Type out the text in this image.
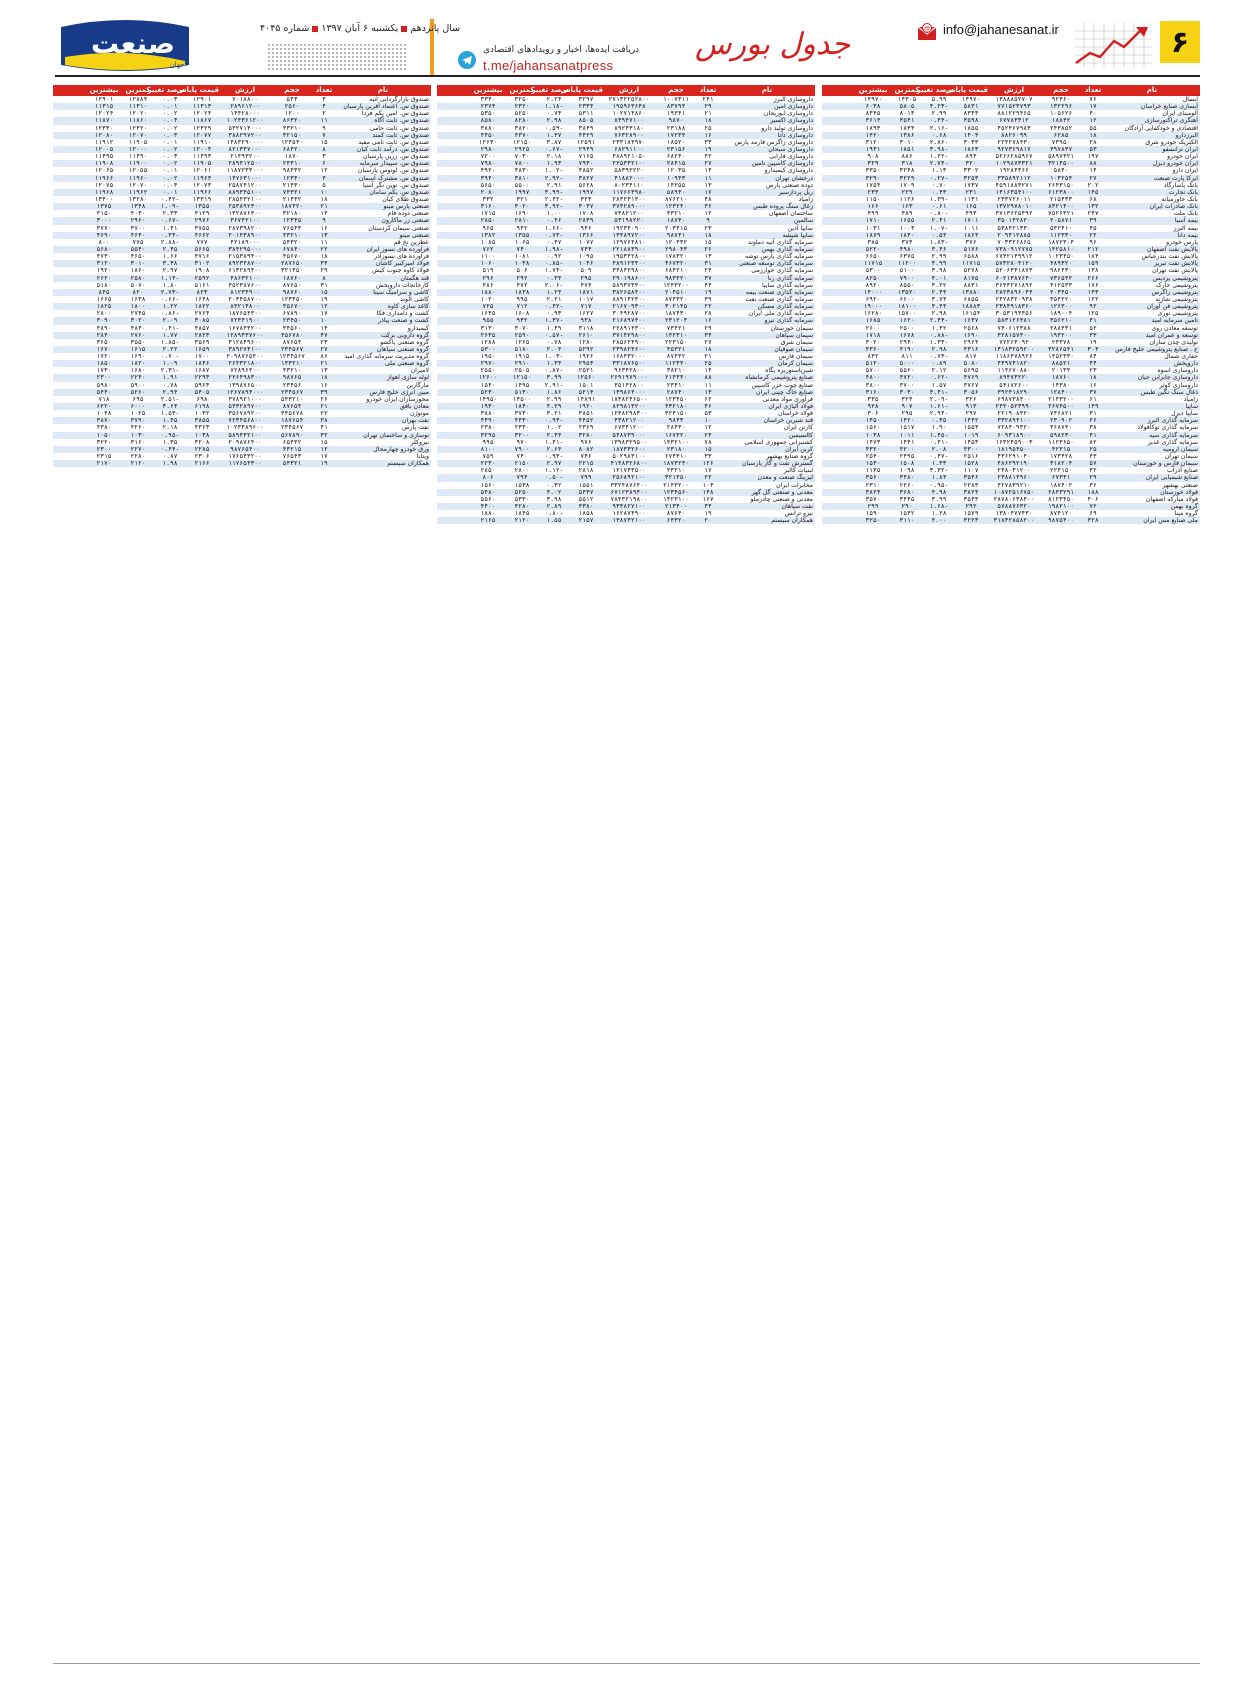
۶
@ info@jahanesanat.ir
جدول بورس
دریافت ایده‌ها، اخبار و رویدادهای اقتصادی
t.me/jahansanatpress
سال پانزدهمیکشنبه ۶ آبان ۱۳۹۷شماره ۴۰۴۵
صنعت
جهان
نام
تعداد
حجم
ارزش
قیمت پایانی
درصد تغییر
کمترین
بیشترین
آبسال
۷۶
۹۲۴۶۰
۱۳۸۸۸۵۲۷۰۷
۱۴۹۷۰
۵.۹۹
۱۴۳۰۵
۱۴۹۷۰
آبسازی صنایع خراسان
۱۷
۱۳۲۲۹۶
۷۷۱۵۲۳۷۹۳
۵۸۳۱
-۴.۲۳
۵۸۰۵
۶۰۳۸
آلومینای ایران
۴۰
۱۰۵۶۲۶
۸۸۱۲۲۹۴۶۵
۸۳۴۳
۲.۹۹
۸۰۱۳
۸۴۴۵
آهنگری تراکتورسازی
۱۲
۱۸۸۴۲
۶۷۷۸۳۳۱۲
۳۵۹۸
-۰.۴۴
۳۵۴۱
۳۶۱۴
اقتصادی و خودکفایی آزادگان
۵۵
۲۴۳۸۵۲
۴۵۲۴۶۷۹۸۳
۱۸۵۵
-۲.۱۶
۱۸۳۴
۱۸۹۳
البرزدارو
۱۸
۶۲۸۵
۸۸۲۶۰۹۹
۱۴۰۴
۰.۶۸
۱۳۸۶
۱۴۲۰
الکتریک خودرو شرق
۲۸
۷۳۹۵۰
۲۲۴۲۷۸۴۳۰
۳۰۳۳
-۲.۸۶
۳۰۱۰
۳۱۲۰
ایران ترانسفو
۵۳
۴۹۷۸۳۷
۹۲۷۳۶۹۸۱۷
۱۸۶۳
-۳.۹۸
۱۸۵۱
۱۹۳۱
ایران خودرو
۱۹۷
۵۸۹۷۴۲۱
۵۲۶۶۲۸۵۹۶۷
۸۹۳
-۱.۲۲
۸۸۶
۹۰۸
ایران خودرو دیزل
۸۸
۳۲۱۴۵۰۰
۱۰۲۹۸۷۳۳۲۱
۳۲۰
-۲.۷۴
۳۱۸
۳۲۹
ایران دارو
۱۴
۵۸۴۰
۱۹۲۸۴۳۶۶
۳۳۰۲
۱.۱۳
۳۲۴۸
۳۳۵۰
ایرکا پارت صنعت
۲۷
۱۰۳۲۵۴
۳۳۵۸۹۲۱۱۲
۳۲۵۳
-۰.۲۷
۳۲۲۹
۳۲۹۰
بانک پاسارگاد
۲۰۲
۲۶۴۳۱۵۰
۴۵۹۱۸۸۳۲۷۱
۱۷۳۷
۰.۷۰
۱۷۰۹
۱۷۵۴
بانک تجارت
۱۴۵
۶۱۲۳۸۰۰
۱۴۱۶۳۵۴۱۰۰
۲۳۱
۰.۴۳
۲۲۹
۲۳۳
بانک خاورمیانه
۶۸
۲۱۵۴۳۳
۲۴۳۷۲۶۰۱۱
۱۱۳۱
-۱.۳۹
۱۱۲۶
۱۱۵۰
بانک صادرات ایران
۱۳۲
۸۳۲۱۴۰۰
۱۳۷۲۹۷۸۰۱۰
۱۶۵
۰.۶۱
۱۶۳
۱۶۶
بانک ملت
۲۴۷
۷۵۲۶۳۲۱
۳۷۱۳۶۲۵۴۹۲
۴۹۳
-۰.۸۰
۴۸۹
۴۹۹
بیمه آسیا
۳۹
۲۰۵۸۷۱
۳۵۰۱۴۲۸۲۰
۱۷۰۱
۲.۴۱
۱۶۵۵
۱۷۱۰
بیمه البرز
۴۵
۵۳۲۴۱۰
۵۳۸۴۲۱۳۳۰
۱۰۱۱
-۱.۰۷
۱۰۰۴
۱۰۳۱
بیمه دانا
۲۲
۱۱۲۳۳۰
۲۰۹۴۱۲۸۸۵
۱۸۶۴
۰.۵۴
۱۸۴۰
۱۸۷۹
پارس خودرو
۹۶
۱۸۷۲۳۰۴
۷۰۳۳۲۶۸۶۵
۳۷۶
-۱.۸۳
۳۷۴
۳۸۵
پالایش نفت اصفهان
۲۱۲
۱۴۲۵۸۱۰
۷۳۸۰۹۱۲۷۷۵
۵۱۷۶
۳.۴۶
۴۹۸۰
۵۲۲۰
پالایش نفت بندرعباس
۱۸۴
۱۰۲۳۴۵۰
۶۷۴۲۱۴۹۹۱۲
۶۵۸۸
۲.۹۹
۶۳۷۵
۶۶۵۰
پالایش نفت تبریز
۱۵۹
۴۸۹۳۲۰
۵۷۳۲۸۰۴۱۲۰
۱۱۷۱۵
۴.۹۹
۱۱۲۰۰
۱۱۷۱۵
پالایش نفت تهران
۱۳۸
۹۸۶۴۳۰
۵۲۰۶۳۴۱۸۷۳
۵۲۷۸
۳.۹۸
۵۱۰۰
۵۳۰۰
پتروشیمی پردیس
۲۶۶
۷۳۶۵۴۲
۶۰۲۱۳۸۷۶۴۰
۸۱۷۵
۴.۰۱
۷۹۰۰
۸۲۵۰
پتروشیمی خارک
۱۷۶
۴۱۲۵۳۳
۳۶۴۳۲۷۱۸۹۲
۸۸۳۱
۳.۲۲
۸۵۵۰
۸۹۲۰
پتروشیمی زاگرس
۱۴۳
۲۰۳۴۵۰
۲۸۲۳۸۹۶۰۴۴
۱۳۸۸۰
۲.۴۴
۱۳۵۲۰
۱۴۰۰۰
پتروشیمی شازند
۱۲۲
۳۵۴۲۲۰
۲۴۲۸۳۲۰۹۳۸
۶۸۵۵
۳.۷۴
۶۶۰۰
۶۹۲۰
پتروشیمی فن آوران
۹۲
۱۲۶۳۰۰
۲۳۸۴۹۱۸۳۶۰
۱۸۸۸۳
۴.۴۴
۱۸۱۰۰
۱۹۰۰۰
پتروشیمی نوری
۱۲۵
۱۸۹۰۰۴
۳۰۵۳۱۹۴۴۵۶
۱۶۱۵۴
۲.۹۸
۱۵۷۰۰
۱۶۲۸۰
تامین سرمایه امید
۴۱
۳۵۶۲۱۰
۵۸۳۱۲۶۴۸۱
۱۶۳۷
-۲.۴۴
۱۶۲۰
۱۶۸۵
توسعه معادن روی
۵۲
۲۸۸۴۳۱
۷۴۰۶۱۲۳۸۸
۲۵۶۸
۱.۴۲
۲۵۰۰
۲۶۰۰
توسعه و عمران امید
۳۳
۱۹۴۲۰۰
۳۲۸۱۵۷۴۰۰
۱۶۹۰
-۰.۸۸
۱۶۷۸
۱۷۱۸
تولیدی چدن سازان
۱۹
۲۴۳۷۸
۷۲۲۶۳۰۹۲
۲۹۶۴
-۱.۳۳
۲۹۴۰
۳۰۲۰
ح . صنایع پتروشیمی خلیج فارس
۳۰۴
۳۲۸۶۵۴۱
۱۴۱۸۳۲۵۹۲۰۰
۴۳۱۶
۲.۹۸
۴۱۹۰
۴۳۶۰
حفاری شمال
۸۴
۱۴۵۲۳۳۰
۱۱۸۶۴۷۸۹۲۶
۸۱۷
-۰.۷۳
۸۱۱
۸۳۲
داروپخش
۴۴
۸۸۵۲۱
۴۴۹۷۴۱۸۲۰
۵۰۸۰
۰.۸۹
۵۰۰۰
۵۱۲۰
داروسازی اسوه
۲۳
۲۰۱۳۴
۱۱۴۶۷۰۸۸۰
۵۶۹۵
۲.۱۲
۵۵۶۰
۵۷۰۰
داروسازی جابرابن حیان
۱۸
۱۸۷۶۰
۸۹۴۷۳۲۲۰
۴۷۶۹
-۰.۶۲
۴۷۲۰
۴۸۰۰
داروسازی کوثر
۱۶
۱۴۳۸۰
۵۴۱۷۲۶۰۰
۳۷۶۷
۱.۵۷
۳۷۰۰
۳۸۰۰
ذغال سنگ نگین طبس
۳۷
۱۲۸۴۰۰
۳۹۲۴۱۸۲۹۰
۳۰۵۶
-۳.۴۱
۳۰۳۰
۳۱۶۰
زامیاد
۶۱
۲۱۴۳۲۰۰
۶۹۸۷۳۸۴۰۰
۳۲۶
-۲.۰۹
۳۲۴
۳۳۵
ساپیا
۱۴۹
۲۶۷۴۵۰۰
۲۴۴۰۵۲۳۹۹۰
۹۱۳
-۱.۶۱
۹۰۷
۹۲۸
سایپا دیزل
۳۱
۷۴۶۸۲۱
۲۲۱۹۰۸۴۲۰
۲۹۷
-۲.۹۴
۲۹۵
۳۰۶
سرمایه گذاری البرز
۲۶
۲۳۰۹۰۲
۳۳۲۸۹۴۱۰۰
۱۴۴۲
۰.۳۵
۱۴۲۰
۱۴۵۰
سرمایه گذاری توکافولاد
۳۸
۴۶۸۷۴۰
۷۲۸۴۰۹۳۲۰
۱۵۵۴
۱.۹۰
۱۵۱۷
۱۵۶۰
سرمایه گذاری سپه
۴۱
۵۹۸۲۳۰
۶۰۹۳۱۸۹۰۰
۱۰۱۹
-۱.۴۵
۱۰۱۱
۱۰۳۸
سرمایه گذاری غدیر
۸۲
۱۱۲۳۶۵۰
۱۶۳۲۴۵۹۰۰۳
۱۴۵۳
-۰.۴۱
۱۴۴۱
۱۴۷۳
سیمان ارومیه
۲۵
۴۲۳۱۵
۱۸۱۹۵۴۵۰۰
۴۳۰۰
۲.۰۸
۴۲۰۰
۴۳۲۰
سیمان تهران
۴۳
۱۷۳۴۲۸
۴۳۶۲۹۱۰۴۰
۲۵۱۶
-۰.۴۷
۲۴۹۵
۲۵۴۰
سیمان فارس و خوزستان
۵۷
۳۱۸۲۰۴
۴۸۶۲۹۲۱۹۰
۱۵۲۸
۱.۳۳
۱۵۰۸
۱۵۴۰
صنایع آذرآب
۳۲
۲۲۴۱۵۰
۲۴۸۰۳۱۲۰۰
۱۱۰۷
-۳.۳۲
۱۰۹۸
۱۱۴۵
صنایع شیمیایی ایران
۲۹
۶۷۳۴۱
۲۳۸۸۱۴۹۶۰
۳۵۴۶
۱.۸۴
۳۴۸۰
۳۵۶۰
صنعتی بهشهر
۳۶
۱۸۷۴۰۲
۴۲۷۸۳۹۲۱۰
۲۲۸۳
-۰.۹۵
۲۲۶۰
۲۳۱۰
فولاد خوزستان
۱۸۸
۲۸۴۳۲۹۱
۱۰۸۷۲۵۱۶۷۵۰
۳۸۲۴
۴.۹۸
۳۶۸۰
۳۸۲۴
فولاد مبارکه اصفهان
۴۰۶
۸۱۲۳۴۵۰
۲۸۷۸۰۶۳۸۴۰۰
۳۵۴۳
۳.۹۹
۳۴۴۵
۳۵۷۰
گروه بهمن
۷۲
۱۹۸۲۱۰۰
۵۷۸۸۷۶۳۲۰
۲۹۲
-۱.۶۸
۲۹۰
۲۹۹
گروه مپنا
۶۹
۸۷۴۱۲۰
۱۳۸۰۴۷۷۴۳۰
۱۵۷۹
۱.۲۸
۱۵۴۲
۱۵۹۰
ملی صنایع مس ایران
۳۲۸
۹۸۷۵۴۰۰
۳۱۸۳۲۸۵۸۲۰۰
۳۲۲۳
۴.۰۰
۳۱۱۰
۳۲۵۰
نام
تعداد
حجم
ارزش
قیمت پایانی
درصد تغییر
کمترین
بیشترین
داروسازی البرز
۲۴۱
۱۰۰۷۳۱۱
۲۷۱۳۲۲۵۲۸۰۰
۳۲۹۷
۲.۲۴
۳۲۵۰
۳۳۴۰
داروسازی امین
۲۹
۸۳۷۹۴
۱۹۵۹۶۳۶۴۸
۲۳۳۴
-۱.۱۸
۲۳۲۰
۲۳۷۴
داروسازی ابوریحان
۲۱
۱۹۳۴۱
۱۰۲۷۱۴۸۶۰
۵۳۱۱
۰.۷۴
۵۲۵۰
۵۳۵۰
داروسازی اکسیر
۱۸
۹۸۷۰
۸۳۹۴۷۱۰۰
۸۵۰۵
۲.۹۸
۸۲۸۰
۸۵۸۰
داروسازی تولید دارو
۲۵
۲۳۱۸۸
۸۹۲۴۳۱۸۰
۳۸۴۹
-۰.۵۹
۳۸۲۰
۳۸۸۰
داروسازی دانا
۱۶
۱۷۲۳۴
۷۶۳۲۸۹۰۰
۴۴۲۹
۱.۳۷
۴۳۷۰
۴۴۵۰
داروسازی زاگرس فارمد پارس
۳۳
۱۸۵۲۰
۲۳۳۱۸۴۹۷۰
۱۲۵۹۱
۳.۸۷
۱۲۱۵۰
۱۲۶۳۰
داروسازی سبحان
۱۹
۲۳۱۵۶
۶۸۲۹۱۱۰۰
۲۹۴۹
-۰.۶۷
۲۹۲۵
۲۹۸۰
داروسازی فارابی
۴۲
۶۸۲۴۰
۴۸۸۹۲۱۰۵۰
۷۱۶۵
۲.۱۸
۷۰۳۰
۷۲۰۰
داروسازی کاسپین تامین
۲۷
۲۸۴۱۵
۲۲۵۳۴۲۱۰۰
۷۹۳۰
۱.۹۳
۷۸۰۰
۷۹۸۰
داروسازی کیمیدارو
۱۴
۱۲۰۳۵
۵۸۳۹۲۲۲۰
۴۸۵۲
-۱.۰۲
۴۸۳۰
۴۹۲۰
درخشان تهران
۱۱
۱۰۹۴۳
۴۱۸۸۲۰۰۰
۳۸۲۷
-۲.۹۲
۳۸۱۰
۳۹۴۰
دوده صنعتی پارس
۱۳
۱۴۲۵۵
۸۰۲۳۴۱۱۰
۵۶۲۸
۲.۹۱
۵۵۰۰
۵۶۵۰
ریل پردازسیر
۱۷
۵۸۹۳۰
۱۱۷۶۶۳۹۸۰
۱۹۹۷
-۳.۹۹
۱۹۹۷
۲۰۸۰
زامیاد
۴۸
۸۷۶۲۱۰
۲۸۳۲۳۱۴۰۰
۳۲۳
-۲.۴۲
۳۲۱
۳۳۲
زغال سنگ پروده طبس
۳۶
۱۲۳۲۴۰
۳۷۴۲۸۹۰۰۰
۳۰۳۷
-۳.۹۲
۳۰۲۰
۳۱۶۰
ساختمان اصفهان
۱۲
۴۳۲۱۰
۷۳۸۲۱۲۰۰
۱۷۰۸
۱.۰۰
۱۶۹۰
۱۷۱۵
سالمین
۹
۱۸۷۴۰
۵۳۱۹۸۲۲۰
۲۸۳۹
۰.۴۶
۲۸۱۰
۲۸۵۰
سایپا آذین
۲۳
۲۰۳۴۱۵
۱۹۲۳۴۰۹۰۰
۹۴۶
-۱.۶۶
۹۴۲
۹۶۵
سایپا شیشه
۱۸
۹۸۷۴۱
۱۳۴۸۹۷۲۰۰
۱۳۶۶
-۰.۷۳
۱۳۵۵
۱۳۸۲
سرمایه گذاری آتیه دماوند
۱۵
۱۲۰۴۳۲
۱۲۹۷۶۴۸۱۰
۱۰۷۷
۰.۴۷
۱۰۶۵
۱۰۸۵
سرمایه گذاری بهمن
۲۶
۲۹۸۰۴۳
۲۲۱۸۸۳۹۰۰
۷۴۴
-۱.۹۸
۷۴۰
۷۶۲
سرمایه گذاری پارس توشه
۱۳
۱۷۸۳۲۰
۱۹۵۳۴۲۸۰۰
۱۰۹۵
۰.۹۲
۱۰۸۱
۱۱۰۰
سرمایه گذاری توسعه صنعتی
۳۱
۴۶۷۳۲۰
۴۸۹۱۲۳۴۰۰
۱۰۴۶
-۰.۸۵
۱۰۳۸
۱۰۶۰
سرمایه گذاری خوارزمی
۲۴
۶۸۴۲۱۰
۳۴۸۴۲۹۸۰۰
۵۰۹
-۱.۷۴
۵۰۶
۵۱۹
سرمایه گذاری رنا
۳۷
۹۸۳۴۲۰
۲۹۰۱۹۸۶۰۰
۲۹۵
۰.۳۴
۲۹۲
۲۹۶
سرمایه گذاری سایپا
۴۴
۱۲۴۳۲۰۰
۵۸۹۳۷۳۴۰۰
۴۷۴
-۲.۰۶
۴۷۲
۴۸۶
سرمایه گذاری صنعت بیمه
۱۹
۲۰۴۵۱۰
۳۸۲۶۵۸۴۰۰
۱۸۷۱
۱.۲۴
۱۸۳۸
۱۸۸۰
سرمایه گذاری صنعت نفت
۳۹
۸۷۴۳۲۰
۸۸۹۱۴۲۳۰۰
۱۰۱۷
۲.۲۱
۹۹۵
۱۰۲۰
سرمایه گذاری مسکن
۲۲
۳۰۲۱۴۵
۲۱۶۷۰۹۳۰۰
۷۱۷
-۰.۴۲
۷۱۲
۷۲۵
سرمایه گذاری ملی ایران
۲۸
۱۸۷۴۳۰
۳۰۴۹۲۸۷۰۰
۱۶۲۷
۰.۹۳
۱۶۰۸
۱۶۳۵
سرمایه گذاری نیرو
۱۶
۲۳۱۲۰۴
۲۱۶۸۹۷۴۰۰
۹۳۸
-۱.۳۷
۹۳۲
۹۵۵
سیمان خوزستان
۲۹
۷۳۴۲۱
۲۲۸۹۱۴۳۰۰
۳۱۱۸
۱.۴۹
۳۰۷۰
۳۱۳۰
سیمان سپاهان
۳۴
۱۴۲۳۱۰
۳۷۱۴۲۹۸۰۰
۲۶۱۰
-۰.۵۷
۲۵۹۰
۲۶۳۵
سیمان شرق
۲۷
۲۲۳۱۵۰
۲۸۵۶۲۴۹۰۰
۱۲۸۰
۰.۷۸
۱۲۶۵
۱۲۸۸
سیمان صوفیان
۱۸
۴۵۳۲۱
۲۳۹۸۲۴۶۰۰
۵۲۹۲
۲.۰۴
۵۱۸۰
۵۳۰۰
سیمان فارس
۲۱
۸۷۴۳۲
۱۶۸۴۳۲۰۰۰
۱۹۲۶
-۱.۰۳
۱۹۱۵
۱۹۵۰
سیمان کرمان
۲۵
۱۱۲۳۴۰
۳۳۱۸۷۶۵۰۰
۲۹۵۴
۱.۳۴
۲۹۱۰
۲۹۷۰
شیرپاستوریزه پگاه
۱۴
۳۸۲۱۰
۹۶۳۴۲۸۰۰
۲۵۲۱
-۰.۸۷
۲۵۰۵
۲۵۵۰
صنایع پتروشیمی کرمانشاه
۸۸
۲۱۴۳۴۰
۲۶۹۱۹۷۹۰۰۰
۱۲۵۶۰
۳.۹۹
۱۲۱۵۰
۱۲۶۰۰
صنایع چوب خزر کاسپین
۱۱
۲۳۴۱۰
۳۵۱۴۲۸۰۰
۱۵۰۱
-۲.۹۱
۱۴۹۵
۱۵۴۰
صنایع خاک چینی ایران
۱۳
۲۸۷۴۰
۱۴۹۸۶۴۰۰۰
۵۲۱۴
۱.۸۶
۵۱۳۰
۵۲۳۰
فرآوری مواد معدنی
۶۲
۱۲۳۴۵۰
۱۸۳۸۲۴۶۵۰۰
۱۴۸۹۱
۲.۹۹
۱۴۵۰۰
۱۴۹۵۰
فولاد آلیاژی ایران
۴۶
۴۳۲۱۸۰
۸۲۹۸۱۳۲۰۰
۱۹۲۰
۴.۲۹
۱۸۴۰
۱۹۳۰
فولاد خراسان
۵۳
۳۲۴۱۵۰
۱۲۴۸۲۹۸۳۰۰
۳۸۵۱
۳.۲۱
۳۷۴۰
۳۸۸۰
قند شیرین خراسان
۱۰
۹۸۴۳
۴۳۸۲۱۲۰۰
۴۴۵۲
-۰.۹۳
۴۴۳۰
۴۴۹۰
کارتن ایران
۱۲
۲۸۴۳۰
۶۷۳۴۱۲۰۰
۲۳۶۹
۱.۰۲
۲۳۴۰
۲۳۸۰
کالسیمین
۲۴
۱۶۷۳۲۰
۵۴۸۷۳۹۰۰۰
۳۲۸۰
۲.۴۴
۳۲۰۰
۳۲۹۵
کشتیرانی جمهوری اسلامی
۷۸
۱۴۳۲۱۰۰
۱۳۹۸۳۲۹۵۰۰
۹۷۶
-۱.۴۱
۹۷۰
۹۹۵
کربن ایران
۱۵
۲۳۱۸۰
۱۸۷۳۴۲۶۰۰
۸۰۸۲
۲.۶۴
۷۹۰۰
۸۱۰۰
گروه صنایع بهشهر
۳۳
۶۷۴۳۱۰
۵۰۲۹۸۳۱۰۰
۷۴۶
-۰.۹۳
۷۴۰
۷۵۹
گسترش نفت و گاز پارسیان
۱۲۶
۱۸۷۳۲۴۰
۴۱۴۸۳۲۶۸۰۰
۲۲۱۵
۲.۹۷
۲۱۵۰
۲۲۳۰
لبنیات کالبر
۱۷
۴۳۲۱۰
۱۲۱۷۴۳۵۰۰
۲۸۱۸
-۱.۱۲
۲۸۰۰
۲۸۵۰
لیزینگ صنعت و معدن
۲۲
۳۲۱۴۵۰
۲۵۶۸۹۲۱۰۰
۷۹۹
-۰.۵۰
۷۹۴
۸۰۶
مخابرات ایران
۱۰۴
۲۱۴۳۲۰۰
۳۳۲۴۸۷۶۴۰۰
۱۵۵۱
۰.۳۲
۱۵۳۸
۱۵۶۰
معدنی و صنعتی گل گهر
۱۴۸
۱۲۳۴۵۶۰
۶۷۱۲۳۸۹۴۰۰
۵۴۳۷
۴.۰۲
۵۲۵۰
۵۴۸۰
معدنی و صنعتی چادرملو
۱۶۷
۱۴۲۳۱۰۰
۷۸۴۳۲۱۹۸۰۰
۵۵۱۲
۳.۹۸
۵۳۳۰
۵۵۶۰
نفت سپاهان
۴۴
۲۱۳۴۰۰
۹۳۴۸۲۷۱۰۰
۴۳۸۰
۲.۸۹
۴۲۸۰
۴۴۰۰
نیرو ترانس
۱۹
۸۷۶۴۰
۱۶۲۸۷۴۹۰۰
۱۸۵۸
-۰.۸۰
۱۸۴۵
۱۸۸۰
همکاران سیستم
۲۰
۶۴۳۲۰
۱۳۸۷۴۲۱۰۰
۲۱۵۷
۱.۵۵
۲۱۲۰
۲۱۶۵
نام
تعداد
حجم
ارزش
قیمت پایانی
درصد تغییر
کمترین
بیشترین
صندوق بازارگردانی آتیه
۳
۵۴۴
۷۰۱۸۸۰۰
۱۲۹۰۱
۰.۰۳
۱۲۸۸۴
۱۲۹۰۱
صندوق س. اعتماد آفرین پارسیان
۴
۲۵۶۰
۲۸۹۶۱۲۰۰
۱۱۳۱۳
۰.۰۱
۱۱۳۱۰
۱۱۳۱۵
صندوق س. امین یکم فردا
۲
۱۲۰۰
۱۴۴۲۸۰۰۰
۱۲۰۲۴
۰.۰۲
۱۲۰۲۰
۱۲۰۲۴
صندوق س. ثابت آگاه
۱۱
۸۶۳۲۰
۱۰۲۴۳۶۱۲۰۰
۱۱۸۶۷
۰.۰۴
۱۱۸۶۰
۱۱۸۷۰
صندوق س. ثابت حامی
۹
۴۳۲۱۰
۵۳۲۷۱۴۰۰۰
۱۲۳۲۹
۰.۰۲
۱۲۳۲۰
۱۲۳۳۰
صندوق س. ثابت کمند
۷
۳۲۱۵۰
۳۸۸۲۹۷۲۰۰
۱۲۰۷۷
۰.۰۳
۱۲۰۷۰
۱۲۰۸۰
صندوق س. ثابت نامی مفید
۱۵
۱۲۴۵۴۰
۱۴۸۳۲۹۰۰۰۰
۱۱۹۱۰
۰.۰۱
۱۱۹۰۵
۱۱۹۱۲
صندوق س. درآمد ثابت کیان
۸
۶۸۴۲۰
۸۲۱۳۴۷۰۰۰
۱۲۰۰۴
۰.۰۲
۱۲۰۰۰
۱۲۰۰۵
صندوق س. زرین پارسیان
۳
۱۸۷۰
۲۱۴۹۳۲۰۰
۱۱۴۹۳
۰.۰۳
۱۱۴۹۰
۱۱۴۹۵
صندوق س. سپیدار سرمایه
۶
۲۴۳۱۰
۲۸۹۴۱۲۵۰۰
۱۱۹۰۵
۰.۰۲
۱۱۹۰۰
۱۱۹۰۸
صندوق س. لوتوس پارسیان
۱۲
۹۸۴۳۲
۱۱۸۷۲۳۴۰۰۰
۱۲۰۶۱
۰.۰۱
۱۲۰۵۵
۱۲۰۶۵
صندوق س. مشترک آسمان
۴
۱۲۳۴۰
۱۴۷۶۳۱۰۰۰
۱۱۹۶۴
۰.۰۲
۱۱۹۶۰
۱۱۹۶۶
صندوق س. نوین نگر آسیا
۵
۲۱۴۳۰
۲۵۸۷۴۱۲۰۰
۱۲۰۷۳
۰.۰۳
۱۲۰۷۰
۱۲۰۷۵
صندوق س. یکم سامان
۱۰
۷۴۳۲۱
۸۸۹۳۴۵۱۰۰
۱۱۹۶۶
۰.۰۱
۱۱۹۶۲
۱۱۹۶۸
صندوق طلای کیان
۱۸
۲۱۴۳۲
۲۸۵۴۳۲۱۰۰
۱۳۳۱۹
-۰.۴۲
۱۳۲۸۰
۱۳۴۰۰
صنعتی پارس مینو
۲۱
۱۸۷۳۲۰
۲۵۳۸۹۲۳۰۰
۱۳۵۵
-۱.۰۹
۱۳۴۸
۱۳۷۵
صنعتی دوده فام
۱۴
۳۲۱۸۰
۱۳۲۸۷۶۴۰۰
۴۱۲۹
۲.۳۳
۴۰۴۰
۴۱۵۰
صنعتی زر ماکارون
۹
۱۲۳۴۵
۳۶۷۴۲۱۰۰
۲۹۷۶
-۰.۶۷
۲۹۶۰
۳۰۰۰
صنعتی سیمان کردستان
۱۶
۷۶۵۴۳
۲۸۷۳۹۸۲۰۰
۳۷۵۵
۱.۴۱
۳۷۰۰
۳۷۷۰
صنعتی مینو
۱۳
۴۳۲۱۰
۲۰۱۴۳۸۹۰۰
۴۶۶۲
-۰.۳۴
۴۶۴۰
۴۶۹۰
عطرین نخ قم
۱۱
۵۴۳۲۰
۴۲۱۸۹۰۰۰
۷۷۷
-۲.۸۸
۷۷۵
۸۰۰
فرآورده های نسوز ایران
۲۲
۶۷۸۴۰
۳۸۴۲۹۵۰۰۰
۵۶۶۵
۲.۴۵
۵۵۴۰
۵۶۸۰
فرآورده های نسوزآذر
۱۸
۴۵۶۷۰
۲۱۵۳۸۹۴۰۰
۴۷۱۶
۱.۶۶
۴۶۵۰
۴۷۳۰
فولاد امیرکبیر کاشان
۳۴
۲۸۷۶۵۰
۸۹۲۳۴۸۷۰۰
۳۱۰۲
۳.۳۸
۳۰۱۰
۳۱۲۰
فولاد کاوه جنوب کیش
۲۹
۳۲۱۴۵۰
۶۱۳۲۸۹۴۰۰
۱۹۰۸
۲.۹۷
۱۸۶۰
۱۹۲۰
قند هگمتان
۸
۱۸۷۶۰
۴۸۶۳۲۱۰۰
۲۵۹۲
-۱.۱۴
۲۵۸۰
۲۶۲۰
کارخانجات داروپخش
۳۱
۸۷۶۵۰
۴۵۲۳۸۷۶۰۰
۵۱۶۱
۱.۸۰
۵۰۷۰
۵۱۸۰
کاشی و سرامیک سینا
۱۵
۹۸۷۶۰
۸۱۲۳۴۹۰۰
۸۲۳
-۲.۷۳
۸۲۰
۸۴۵
کاشی الوند
۱۹
۱۲۳۴۵۰
۲۰۳۴۵۸۷۰۰
۱۶۴۸
-۰.۶۶
۱۶۳۸
۱۶۶۵
کاغذ سازی کاوه
۱۲
۴۵۶۷۰
۸۳۲۱۴۸۰۰
۱۸۲۲
۱.۲۲
۱۸۰۰
۱۸۲۵
کشت و دامداری فکا
۱۷
۶۷۸۹۰
۱۸۷۶۵۴۳۰۰
۲۷۶۴
-۰.۸۶
۲۷۴۵
۲۸۰۰
کشت و صنعت پیاذر
۱۰
۲۳۴۵۰
۷۲۳۴۱۹۰۰
۳۰۸۵
۲.۰۹
۳۰۲۰
۳۰۹۰
کیمیدارو
۱۴
۳۴۵۶۰
۱۶۷۸۴۳۲۰۰
۴۸۵۷
-۰.۴۱
۴۸۴۰
۴۸۹۰
گروه دارویی برکت
۴۷
۴۵۶۷۸۰
۱۲۸۹۴۳۷۶۰۰
۲۸۲۳
۱.۷۷
۲۷۶۰
۲۸۴۰
گروه صنعتی پاکشو
۲۳
۸۷۶۵۴
۳۱۲۸۴۹۶۰۰
۳۵۶۹
-۱.۸۵
۳۵۵۰
۳۶۵۰
گروه صنعتی سپاهان
۲۷
۲۳۴۵۶۷
۳۸۹۲۷۴۱۰۰
۱۶۵۹
۲.۲۲
۱۶۱۵
۱۶۷۰
گروه مدیریت سرمایه گذاری امید
۸۶
۱۲۳۴۵۶۷
۲۰۹۸۷۶۵۴۰۰
۱۷۰۰
-۰.۷۰
۱۶۹۰
۱۷۲۰
گروه صنعتی ملی
۲۱
۱۴۳۲۱۰
۲۶۴۳۲۱۸۰۰
۱۸۴۶
۱.۰۹
۱۸۲۰
۱۸۵۰
لامیران
۱۳
۴۳۲۱۰
۷۲۸۹۶۴۰۰
۱۶۸۷
-۲.۳۱
۱۶۸۰
۱۷۳۰
لوله سازی اهواز
۱۸
۹۸۷۶۵
۲۲۶۴۹۸۳۰۰
۲۲۹۳
۱.۹۱
۲۲۴۰
۲۳۰۰
مارگارین
۱۶
۲۳۴۵۶
۱۳۹۸۷۶۵۰۰
۵۹۶۳
۰.۷۸
۵۹۰۰
۵۹۸۰
مبین انرژی خلیج فارس
۳۹
۲۳۴۵۶۷
۱۲۶۷۸۹۴۰۰۰
۵۴۰۵
۲.۹۴
۵۲۶۰
۵۴۴۰
محورسازان ایران خودرو
۲۶
۵۴۳۲۱۰
۳۷۸۹۲۱۰۰۰
۶۹۸
-۲.۵۱
۶۹۵
۷۱۸
معادن بافق
۲۱
۸۷۶۵۴
۵۴۳۲۸۹۷۰۰
۶۱۹۸
۳.۶۴
۶۰۰۰
۶۲۲۰
موتوژن
۲۲
۳۴۵۶۷۸
۳۵۶۷۸۹۲۰۰
۱۰۳۲
-۱.۵۳
۱۰۲۵
۱۰۴۸
نفت بهران
۳۸
۱۸۷۶۵۴
۷۲۳۴۵۶۸۰۰
۳۸۵۵
۱.۴۵
۳۷۹۰
۳۸۷۰
نفت پارس
۴۱
۲۳۴۵۶۷
۱۰۲۳۴۸۹۶۰۰
۴۳۶۳
۲.۱۸
۴۲۶۰
۴۳۸۰
نوسازی و ساختمان تهران
۳۲
۵۶۷۸۹۰
۵۸۹۴۳۲۱۰۰
۱۰۳۸
-۰.۹۵
۱۰۳۰
۱۰۵۰
نیروکلر
۱۵
۶۵۴۳۲
۲۰۹۸۷۶۴۰۰
۳۲۰۸
۱.۳۵
۳۱۶۰
۳۲۲۰
ورق خودرو چهارمحال
۱۲
۴۳۲۱۵
۹۸۷۶۵۴۰۰
۲۲۸۵
-۰.۴۴
۲۲۷۰
۲۳۰۰
ویتانا
۱۷
۷۶۵۴۳
۱۷۶۵۴۳۲۰۰
۲۳۰۶
۰.۸۷
۲۲۸۰
۲۳۱۵
همکاران سیستم
۱۹
۵۴۳۲۱
۱۱۷۶۵۴۳۰۰
۲۱۶۶
۱.۹۸
۲۱۲۰
۲۱۷۰
